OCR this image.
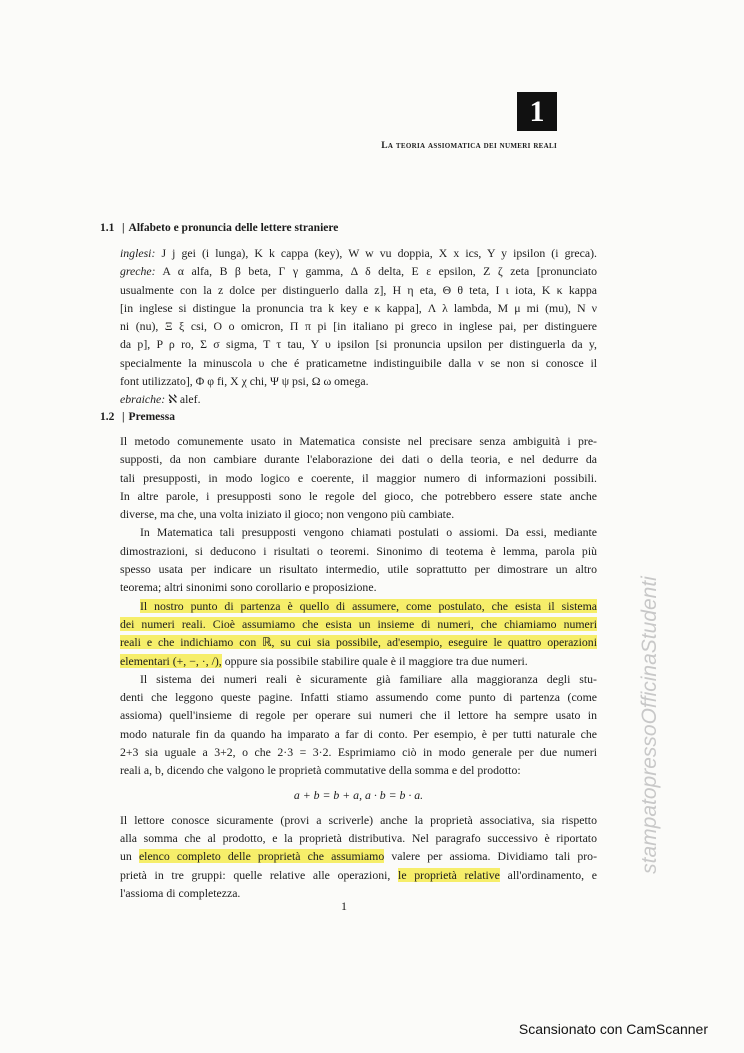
1
La teoria assiomatica dei numeri reali
1.1 | Alfabeto e pronuncia delle lettere straniere
inglesi: J j gei (i lunga), K k cappa (key), W w vu doppia, X x ics, Y y ipsilon (i greca).
greche: A α alfa, B β beta, Γ γ gamma, Δ δ delta, E ε epsilon, Z ζ zeta [pronunciato
usualmente con la z dolce per distinguerlo dalla z], H η eta, Θ θ teta, I ι iota, K κ kappa
[in inglese si distingue la pronuncia tra k key e κ kappa], Λ λ lambda, M μ mi (mu), N ν
ni (nu), Ξ ξ csi, O o omicron, Π π pi [in italiano pi greco in inglese pai, per distinguere
da p], P ρ ro, Σ σ sigma, T τ tau, Y υ ipsilon [si pronuncia upsilon per distinguerla da y,
specialmente la minuscola υ che é praticametne indistinguibile dalla v se non si conosce il
font utilizzato], Φ φ fi, X χ chi, Ψ ψ psi, Ω ω omega.
ebraiche: ℵ alef.
1.2 | Premessa
Il metodo comunemente usato in Matematica consiste nel precisare senza ambiguità i pre-
supposti, da non cambiare durante l'elaborazione dei dati o della teoria, e nel dedurre da
tali presupposti, in modo logico e coerente, il maggior numero di informazioni possibili.
In altre parole, i presupposti sono le regole del gioco, che potrebbero essere state anche
diverse, ma che, una volta iniziato il gioco; non vengono più cambiate.
In Matematica tali presupposti vengono chiamati postulati o assiomi. Da essi, mediante
dimostrazioni, si deducono i risultati o teoremi. Sinonimo di teotema è lemma, parola più
spesso usata per indicare un risultato intermedio, utile soprattutto per dimostrare un altro
teorema; altri sinonimi sono corollario e proposizione.
Il nostro punto di partenza è quello di assumere, come postulato, che esista il sistema
dei numeri reali. Cioè assumiamo che esista un insieme di numeri, che chiamiamo numeri
reali e che indichiamo con ℝ, su cui sia possibile, ad'esempio, eseguire le quattro operazioni
elementari (+, −, ·, /), oppure sia possibile stabilire quale è il maggiore tra due numeri.
Il sistema dei numeri reali è sicuramente già familiare alla maggioranza degli stu-
denti che leggono queste pagine. Infatti stiamo assumendo come punto di partenza (come
assioma) quell'insieme di regole per operare sui numeri che il lettore ha sempre usato in
modo naturale fin da quando ha imparato a far di conto. Per esempio, è per tutti naturale che
2+3 sia uguale a 3+2, o che 2·3 = 3·2. Esprimiamo ciò in modo generale per due numeri
reali a, b, dicendo che valgono le proprietà commutative della somma e del prodotto:
a + b = b + a, a · b = b · a.
Il lettore conosce sicuramente (provi a scriverle) anche la proprietà associativa, sia rispetto
alla somma che al prodotto, e la proprietà distributiva. Nel paragrafo successivo è riportato
un elenco completo delle proprietà che assumiamo valere per assioma. Dividiamo tali pro-
prietà in tre gruppi: quelle relative alle operazioni, le proprietà relative all'ordinamento, e
l'assioma di completezza.
1
stampatopressoOfficinaStudenti
Scansionato con CamScanner
